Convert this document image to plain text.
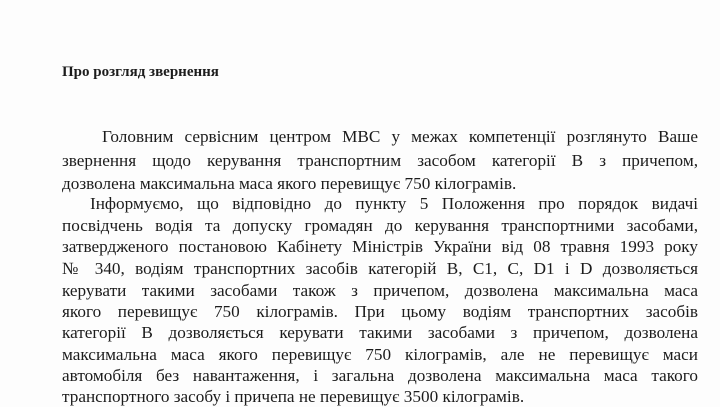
Про розгляд звернення
Головним сервісним центром МВС у межах компетенції розглянуто Ваше
звернення щодо керування транспортним засобом категорії B з причепом,
дозволена максимальна маса якого перевищує 750 кілограмів.
Інформуємо, що відповідно до пункту 5 Положення про порядок видачі
посвідчень водія та допуску громадян до керування транспортними засобами,
затвердженого постановою Кабінету Міністрів України від 08 травня 1993 року
№ 340, водіям транспортних засобів категорій B, C1, C, D1 і D дозволяється
керувати такими засобами також з причепом, дозволена максимальна маса
якого перевищує 750 кілограмів. При цьому водіям транспортних засобів
категорії B дозволяється керувати такими засобами з причепом, дозволена
максимальна маса якого перевищує 750 кілограмів, але не перевищує маси
автомобіля без навантаження, і загальна дозволена максимальна маса такого
транспортного засобу і причепа не перевищує 3500 кілограмів.
